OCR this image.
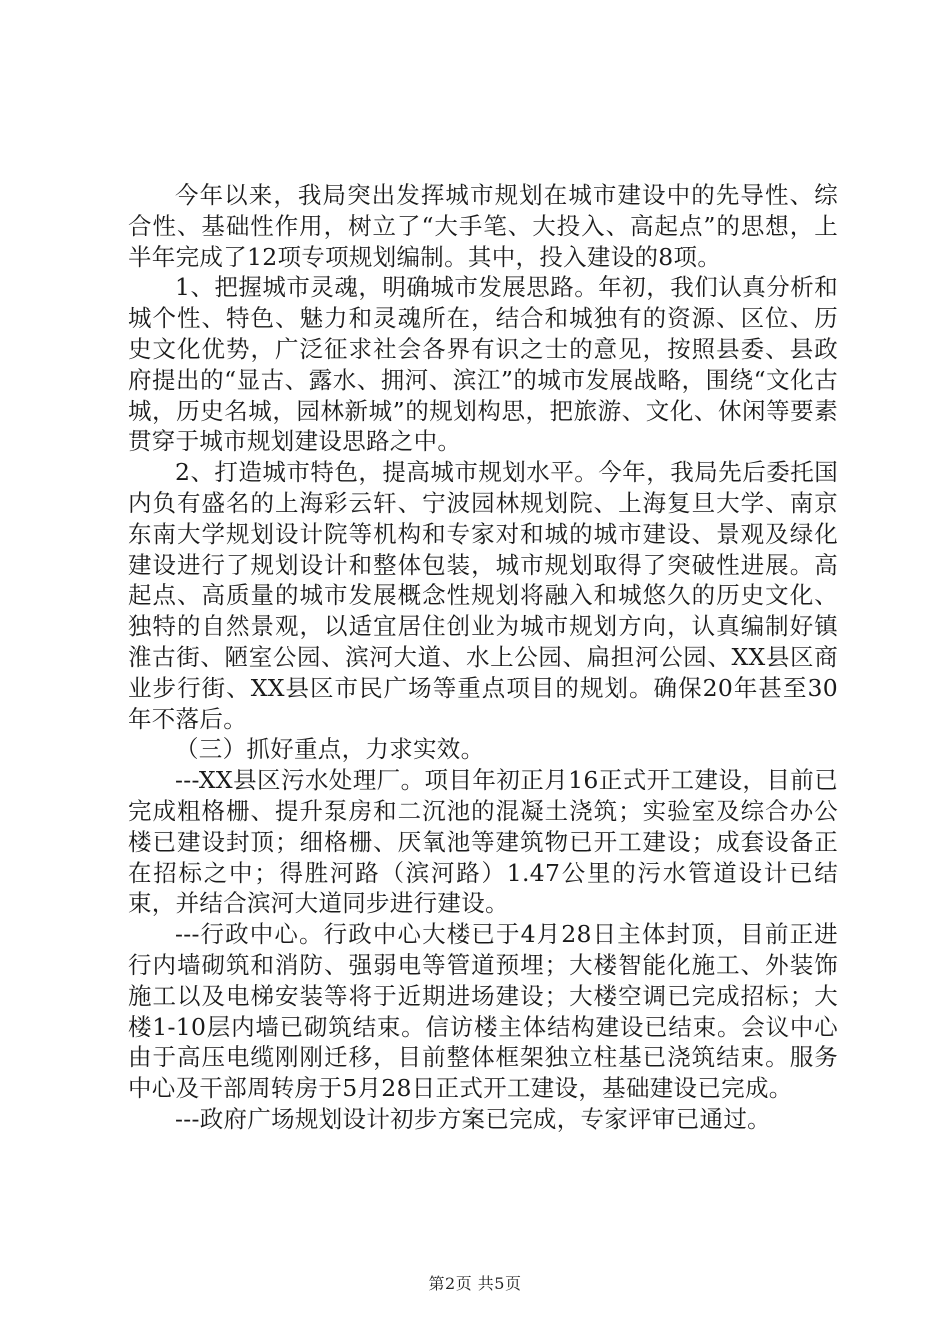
今年以来，我局突出发挥城市规划在城市建设中的先导性、综合性、基础性作用，树立了“大手笔、大投入、高起点”的思想，上半年完成了12项专项规划编制。其中，投入建设的8项。

1、把握城市灵魂，明确城市发展思路。年初，我们认真分析和城个性、特色、魅力和灵魂所在，结合和城独有的资源、区位、历史文化优势，广泛征求社会各界有识之士的意见，按照县委、县政府提出的“显古、露水、拥河、滨江”的城市发展战略，围绕“文化古城，历史名城，园林新城”的规划构思，把旅游、文化、休闲等要素贯穿于城市规划建设思路之中。

2、打造城市特色，提高城市规划水平。今年，我局先后委托国内负有盛名的上海彩云轩、宁波园林规划院、上海复旦大学、南京东南大学规划设计院等机构和专家对和城的城市建设、景观及绿化建设进行了规划设计和整体包装，城市规划取得了突破性进展。高起点、高质量的城市发展概念性规划将融入和城悠久的历史文化、独特的自然景观，以适宜居住创业为城市规划方向，认真编制好镇淮古街、陋室公园、滨河大道、水上公园、扁担河公园、XX县区商业步行街、XX县区市民广场等重点项目的规划。确保20年甚至30年不落后。

（三）抓好重点，力求实效。

---XX县区污水处理厂。项目年初正月16正式开工建设，目前已完成粗格栅、提升泵房和二沉池的混凝土浇筑；实验室及综合办公楼已建设封顶；细格栅、厌氧池等建筑物已开工建设；成套设备正在招标之中；得胜河路（滨河路）1.47公里的污水管道设计已结束，并结合滨河大道同步进行建设。

---行政中心。行政中心大楼已于4月28日主体封顶，目前正进行内墙砌筑和消防、强弱电等管道预埋；大楼智能化施工、外装饰施工以及电梯安装等将于近期进场建设；大楼空调已完成招标；大楼1-10层内墙已砌筑结束。信访楼主体结构建设已结束。会议中心由于高压电缆刚刚迁移，目前整体框架独立柱基已浇筑结束。服务中心及干部周转房于5月28日正式开工建设，基础建设已完成。

---政府广场规划设计初步方案已完成，专家评审已通过。

第2页 共5页
